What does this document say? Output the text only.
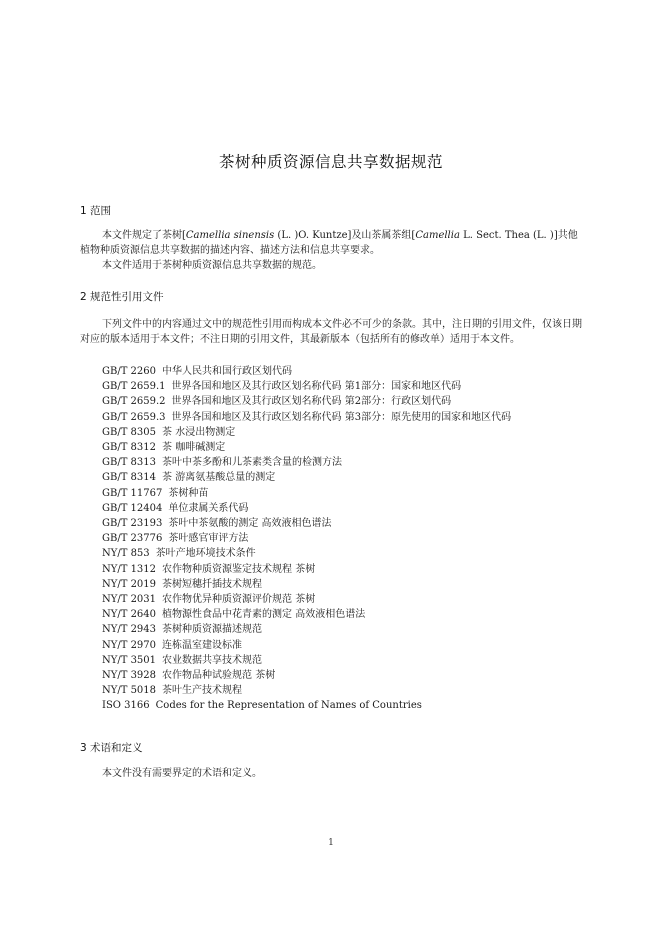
茶树种质资源信息共享数据规范
1 范围

本文件规定了茶树[Camellia sinensis (L. )O. Kuntze]及山茶属茶组[Camellia L. Sect. Thea (L. )]共他植物种质资源信息共享数据的描述内容、描述方法和信息共享要求。

本文件适用于茶树种质资源信息共享数据的规范。

2 规范性引用文件

下列文件中的内容通过文中的规范性引用而构成本文件必不可少的条款。其中，注日期的引用文件，仅该日期对应的版本适用于本文件；不注日期的引用文件，其最新版本（包括所有的修改单）适用于本文件。

GB/T 2260 中华人民共和国行政区划代码
GB/T 2659.1 世界各国和地区及其行政区划名称代码 第1部分：国家和地区代码
GB/T 2659.2 世界各国和地区及其行政区划名称代码 第2部分：行政区划代码
GB/T 2659.3 世界各国和地区及其行政区划名称代码 第3部分：原先使用的国家和地区代码
GB/T 8305 茶 水浸出物测定
GB/T 8312 茶 咖啡碱测定
GB/T 8313 茶叶中茶多酚和儿茶素类含量的检测方法
GB/T 8314 茶 游离氨基酸总量的测定
GB/T 11767 茶树种苗
GB/T 12404 单位隶属关系代码
GB/T 23193 茶叶中茶氨酸的测定 高效液相色谱法
GB/T 23776 茶叶感官审评方法
NY/T 853 茶叶产地环境技术条件
NY/T 1312 农作物种质资源鉴定技术规程 茶树
NY/T 2019 茶树短穗扦插技术规程
NY/T 2031 农作物优异种质资源评价规范 茶树
NY/T 2640 植物源性食品中花青素的测定 高效液相色谱法
NY/T 2943 茶树种质资源描述规范
NY/T 2970 连栋温室建设标准
NY/T 3501 农业数据共享技术规范
NY/T 3928 农作物品种试验规范 茶树
NY/T 5018 茶叶生产技术规程
ISO 3166 Codes for the Representation of Names of Countries
3 术语和定义

本文件没有需要界定的术语和定义。

1
